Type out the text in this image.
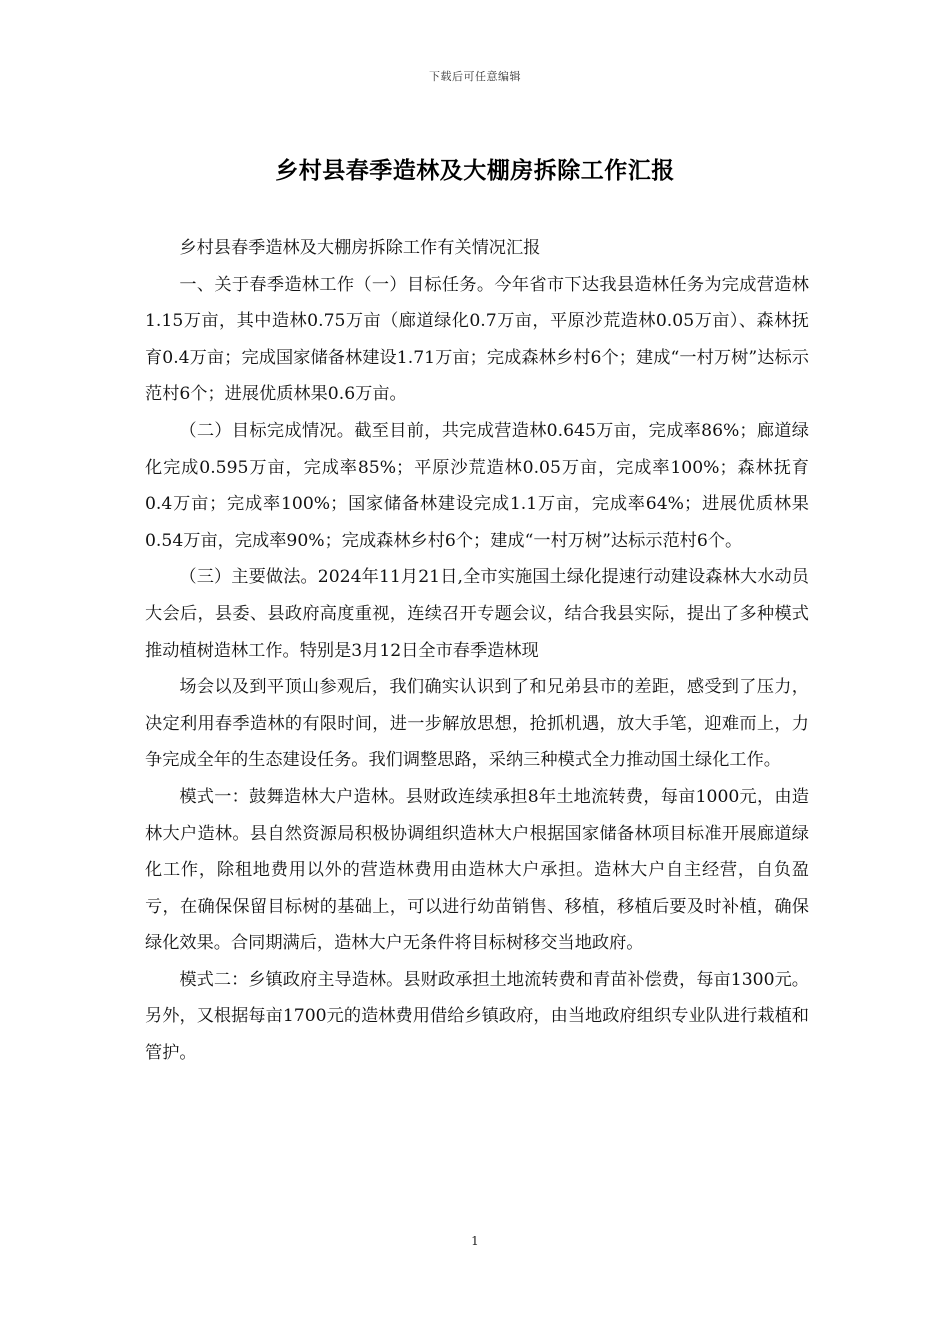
下载后可任意编辑
乡村县春季造林及大棚房拆除工作汇报

乡村县春季造林及大棚房拆除工作有关情况汇报

一、关于春季造林工作（一）目标任务。今年省市下达我县造林任务为完成营造林1.15万亩，其中造林0.75万亩（廊道绿化0.7万亩，平原沙荒造林0.05万亩）、森林抚育0.4万亩；完成国家储备林建设1.71万亩；完成森林乡村6个；建成“一村万树”达标示范村6个；进展优质林果0.6万亩。

（二）目标完成情况。截至目前，共完成营造林0.645万亩，完成率86%；廊道绿化完成0.595万亩，完成率85%；平原沙荒造林0.05万亩，完成率100%；森林抚育0.4万亩；完成率100%；国家储备林建设完成1.1万亩，完成率64%；进展优质林果0.54万亩，完成率90%；完成森林乡村6个；建成“一村万树”达标示范村6个。

（三）主要做法。2024年11月21日,全市实施国土绿化提速行动建设森林大水动员大会后，县委、县政府高度重视，连续召开专题会议，结合我县实际，提出了多种模式推动植树造林工作。特别是3月12日全市春季造林现

场会以及到平顶山参观后，我们确实认识到了和兄弟县市的差距，感受到了压力，决定利用春季造林的有限时间，进一步解放思想，抢抓机遇，放大手笔，迎难而上，力争完成全年的生态建设任务。我们调整思路，采纳三种模式全力推动国土绿化工作。

模式一：鼓舞造林大户造林。县财政连续承担8年土地流转费，每亩1000元，由造林大户造林。县自然资源局积极协调组织造林大户根据国家储备林项目标准开展廊道绿化工作，除租地费用以外的营造林费用由造林大户承担。造林大户自主经营，自负盈亏，在确保保留目标树的基础上，可以进行幼苗销售、移植，移植后要及时补植，确保绿化效果。合同期满后，造林大户无条件将目标树移交当地政府。

模式二：乡镇政府主导造林。县财政承担土地流转费和青苗补偿费，每亩1300元。另外，又根据每亩1700元的造林费用借给乡镇政府，由当地政府组织专业队进行栽植和管护。

1
